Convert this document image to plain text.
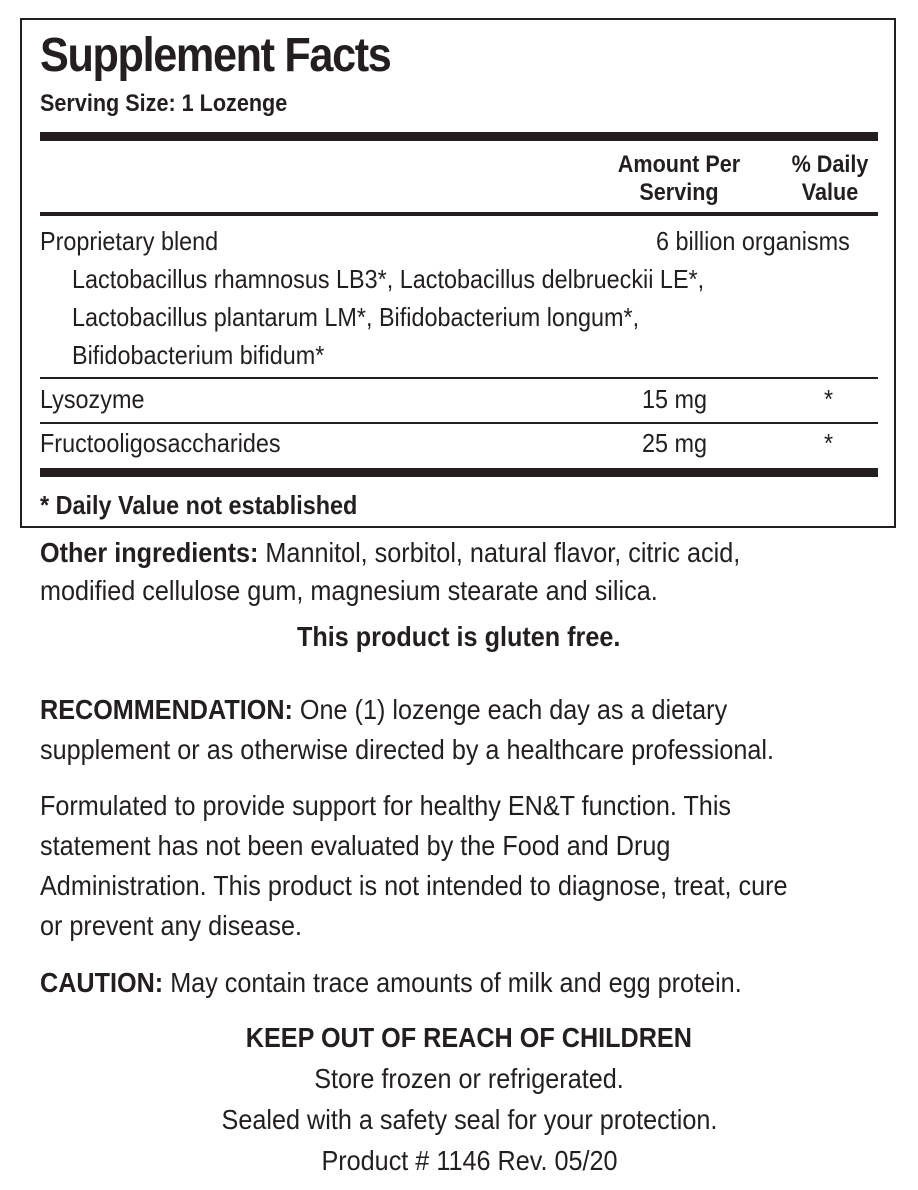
Supplement Facts
Serving Size: 1 Lozenge
Amount Per
Serving
% Daily
Value
Proprietary blend	6 billion organisms
Lactobacillus rhamnosus LB3*, Lactobacillus delbrueckii LE*,
Lactobacillus plantarum LM*, Bifidobacterium longum*,
Bifidobacterium bifidum*
Lysozyme	15 mg	*
Fructooligosaccharides	25 mg	*
* Daily Value not established
Other ingredients: Mannitol, sorbitol, natural flavor, citric acid, modified cellulose gum, magnesium stearate and silica.
This product is gluten free.
RECOMMENDATION: One (1) lozenge each day as a dietary supplement or as otherwise directed by a healthcare professional.
Formulated to provide support for healthy EN&T function. This statement has not been evaluated by the Food and Drug Administration. This product is not intended to diagnose, treat, cure or prevent any disease.
CAUTION: May contain trace amounts of milk and egg protein.
KEEP OUT OF REACH OF CHILDREN
Store frozen or refrigerated.
Sealed with a safety seal for your protection.
Product # 1146 Rev. 05/20
